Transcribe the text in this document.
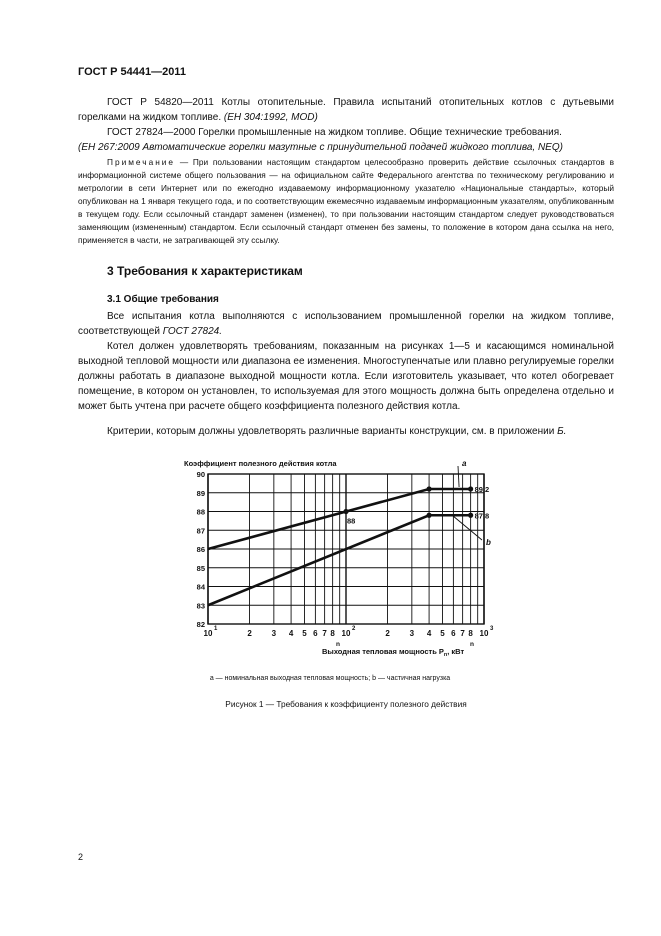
ГОСТ Р 54441—2011
ГОСТ Р 54820—2011 Котлы отопительные. Правила испытаний отопительных котлов с дутьевыми горелками на жидком топливе. (EH 304:1992, MOD)
ГОСТ 27824—2000 Горелки промышленные на жидком топливе. Общие технические требования.
(EH 267:2009 Автоматические горелки мазутные с принудительной подачей жидкого топлива, NEQ)
Примечание — При пользовании настоящим стандартом целесообразно проверить действие ссылочных стандартов в информационной системе общего пользования — на официальном сайте Федерального агентства по техническому регулированию и метрологии в сети Интернет или по ежегодно издаваемому информационному указателю «Национальные стандарты», который опубликован на 1 января текущего года, и по соответствующим ежемесячно издаваемым информационным указателям, опубликованным в текущем году. Если ссылочный стандарт заменен (изменен), то при пользовании настоящим стандартом следует руководствоваться заменяющим (измененным) стандартом. Если ссылочный стандарт отменен без замены, то положение в котором дана ссылка на него, применяется в части, не затрагивающей эту ссылку.
3 Требования к характеристикам
3.1 Общие требования
Все испытания котла выполняются с использованием промышленной горелки на жидком топливе, соответствующей ГОСТ 27824.
Котел должен удовлетворять требованиям, показанным на рисунках 1—5 и касающимся номинальной выходной тепловой мощности или диапазона ее изменения. Многоступенчатые или плавно регулируемые горелки должны работать в диапазоне выходной мощности котла. Если изготовитель указывает, что котел обогревает помещение, в котором он установлен, то используемая для этого мощность должна быть определена отдельно и может быть учтена при расчете общего коэффициента полезного действия котла.
Критерии, которым должны удовлетворять различные варианты конструкции, см. в приложении Б.
82
83
84
85
86
87
88
89
90
10 1	2 3 4 5 6 7 8 10 2	2 3 4 5 6 7 8 10 3
Коэффициент полезного действия котла
Выходная тепловая мощность $P_n$, кВт
89,2
87,8
88
a
b
n	n
a — номинальная выходная тепловая мощность; b — частичная нагрузка
Рисунок 1 — Требования к коэффициенту полезного действия
2
